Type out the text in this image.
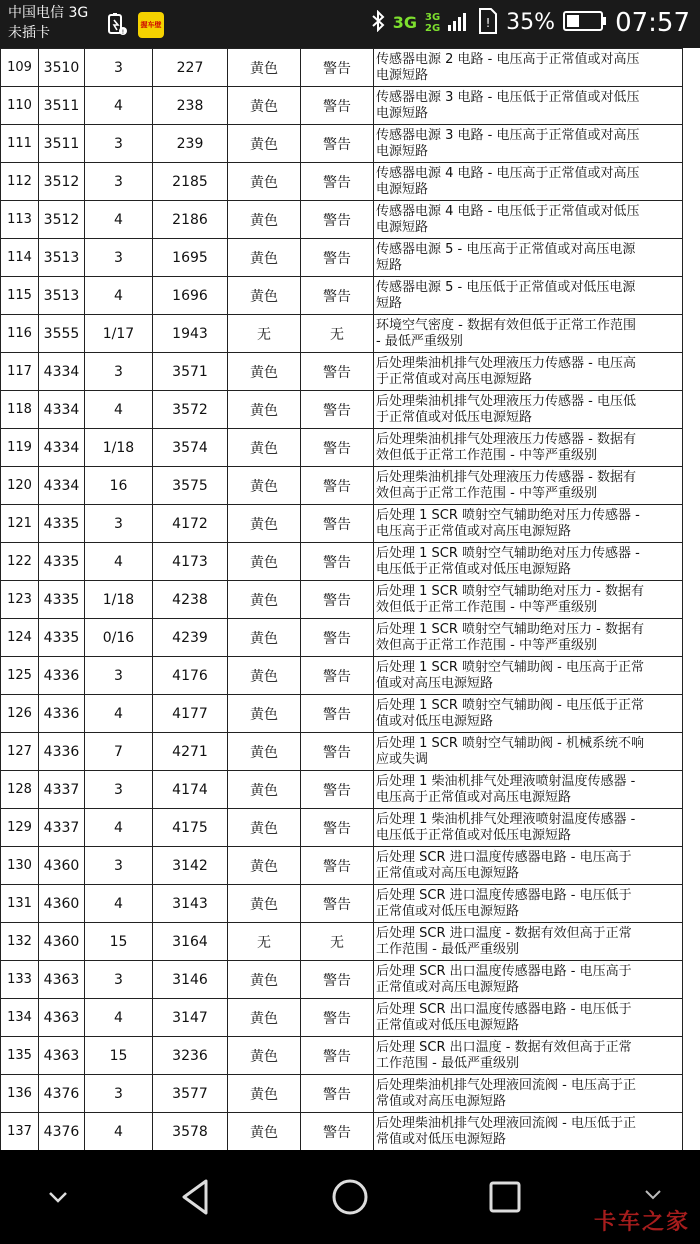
中国电信 3G
未插卡	!
握车壁	3G 3G
2G	! 35% 07:57
109	3510	3	227	黄色	警告	传感器电源 2 电路 - 电压高于正常值或对高压
电源短路

110	3511	4	238	黄色	警告	传感器电源 3 电路 - 电压低于正常值或对低压
电源短路

111	3511	3	239	黄色	警告	传感器电源 3 电路 - 电压高于正常值或对高压
电源短路

112	3512	3	2185	黄色	警告	传感器电源 4 电路 - 电压高于正常值或对高压
电源短路

113	3512	4	2186	黄色	警告	传感器电源 4 电路 - 电压低于正常值或对低压
电源短路

114	3513	3	1695	黄色	警告	传感器电源 5 - 电压高于正常值或对高压电源
短路

115	3513	4	1696	黄色	警告	传感器电源 5 - 电压低于正常值或对低压电源
短路

116	3555	1/17	1943	无	无	环境空气密度 - 数据有效但低于正常工作范围
- 最低严重级别

117	4334	3	3571	黄色	警告	后处理柴油机排气处理液压力传感器 - 电压高
于正常值或对高压电源短路

118	4334	4	3572	黄色	警告	后处理柴油机排气处理液压力传感器 - 电压低
于正常值或对低压电源短路

119	4334	1/18	3574	黄色	警告	后处理柴油机排气处理液压力传感器 - 数据有
效但低于正常工作范围 - 中等严重级别

120	4334	16	3575	黄色	警告	后处理柴油机排气处理液压力传感器 - 数据有
效但高于正常工作范围 - 中等严重级别

121	4335	3	4172	黄色	警告	后处理 1 SCR 喷射空气辅助绝对压力传感器 -
电压高于正常值或对高压电源短路

122	4335	4	4173	黄色	警告	后处理 1 SCR 喷射空气辅助绝对压力传感器 -
电压低于正常值或对低压电源短路

123	4335	1/18	4238	黄色	警告	后处理 1 SCR 喷射空气辅助绝对压力 - 数据有
效但低于正常工作范围 - 中等严重级别

124	4335	0/16	4239	黄色	警告	后处理 1 SCR 喷射空气辅助绝对压力 - 数据有
效但高于正常工作范围 - 中等严重级别

125	4336	3	4176	黄色	警告	后处理 1 SCR 喷射空气辅助阀 - 电压高于正常
值或对高压电源短路

126	4336	4	4177	黄色	警告	后处理 1 SCR 喷射空气辅助阀 - 电压低于正常
值或对低压电源短路

127	4336	7	4271	黄色	警告	后处理 1 SCR 喷射空气辅助阀 - 机械系统不响
应或失调

128	4337	3	4174	黄色	警告	后处理 1 柴油机排气处理液喷射温度传感器 -
电压高于正常值或对高压电源短路

129	4337	4	4175	黄色	警告	后处理 1 柴油机排气处理液喷射温度传感器 -
电压低于正常值或对低压电源短路

130	4360	3	3142	黄色	警告	后处理 SCR 进口温度传感器电路 - 电压高于
正常值或对高压电源短路

131	4360	4	3143	黄色	警告	后处理 SCR 进口温度传感器电路 - 电压低于
正常值或对低压电源短路

132	4360	15	3164	无	无	后处理 SCR 进口温度 - 数据有效但高于正常
工作范围 - 最低严重级别

133	4363	3	3146	黄色	警告	后处理 SCR 出口温度传感器电路 - 电压高于
正常值或对高压电源短路

134	4363	4	3147	黄色	警告	后处理 SCR 出口温度传感器电路 - 电压低于
正常值或对低压电源短路

135	4363	15	3236	黄色	警告	后处理 SCR 出口温度 - 数据有效但高于正常
工作范围 - 最低严重级别

136	4376	3	3577	黄色	警告	后处理柴油机排气处理液回流阀 - 电压高于正
常值或对高压电源短路

137	4376	4	3578	黄色	警告	后处理柴油机排气处理液回流阀 - 电压低于正
常值或对低压电源短路
卡车之家
